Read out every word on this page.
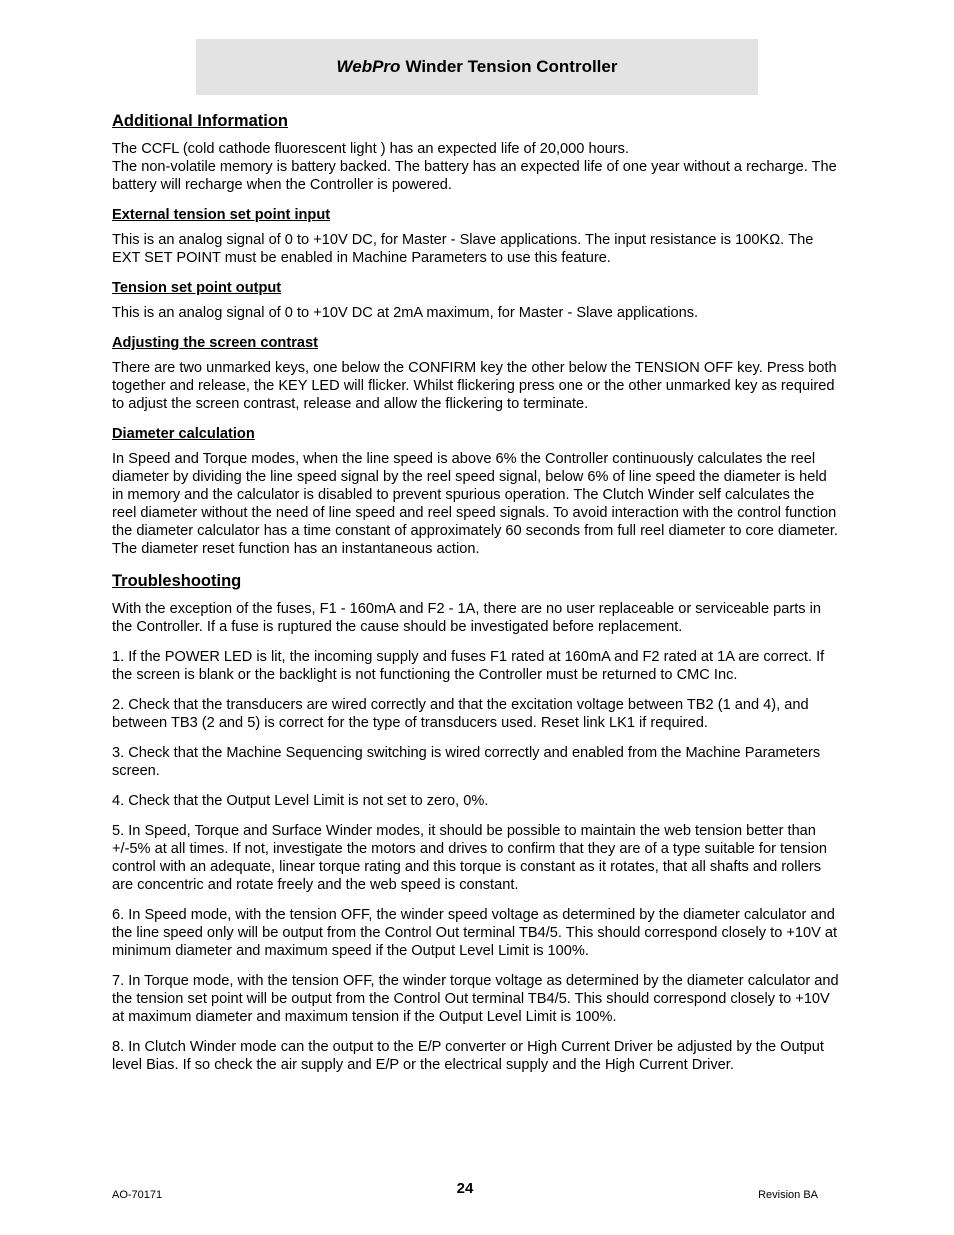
WebPro Winder Tension Controller
Additional Information

The CCFL (cold cathode fluorescent light ) has an expected life of 20,000 hours.
The non-volatile memory is battery backed. The battery has an expected life of one year without a recharge. The battery will recharge when the Controller is powered.

External tension set point input

This is an analog signal of 0 to +10V DC, for Master - Slave applications. The input resistance is 100KΩ. The EXT SET POINT must be enabled in Machine Parameters to use this feature.

Tension set point output

This is an analog signal of 0 to +10V DC at 2mA maximum, for Master - Slave applications.

Adjusting the screen contrast

There are two unmarked keys, one below the CONFIRM key the other below the TENSION OFF key. Press both together and release, the KEY LED will flicker. Whilst flickering press one or the other unmarked key as required to adjust the screen contrast, release and allow the flickering to terminate.

Diameter calculation

In Speed and Torque modes, when the line speed is above 6% the Controller continuously calculates the reel diameter by dividing the line speed signal by the reel speed signal, below 6% of line speed the diameter is held in memory and the calculator is disabled to prevent spurious operation. The Clutch Winder self calculates the reel diameter without the need of line speed and reel speed signals. To avoid interaction with the control function the diameter calculator has a time constant of approximately 60 seconds from full reel diameter to core diameter. The diameter reset function has an instantaneous action.

Troubleshooting

With the exception of the fuses, F1 - 160mA and F2 - 1A, there are no user replaceable or serviceable parts in the Controller. If a fuse is ruptured the cause should be investigated before replacement.

1. If the POWER LED is lit, the incoming supply and fuses F1 rated at 160mA and F2 rated at 1A are correct. If the screen is blank or the backlight is not functioning the Controller must be returned to CMC Inc.

2. Check that the transducers are wired correctly and that the excitation voltage between TB2 (1 and 4), and between TB3 (2 and 5) is correct for the type of transducers used. Reset link LK1 if required.

3. Check that the Machine Sequencing switching is wired correctly and enabled from the Machine Parameters screen.

4. Check that the Output Level Limit is not set to zero, 0%.

5. In Speed, Torque and Surface Winder modes, it should be possible to maintain the web tension better than +/-5% at all times. If not, investigate the motors and drives to confirm that they are of a type suitable for tension control with an adequate, linear torque rating and this torque is constant as it rotates, that all shafts and rollers are concentric and rotate freely and the web speed is constant.

6. In Speed mode, with the tension OFF, the winder speed voltage as determined by the diameter calculator and the line speed only will be output from the Control Out terminal TB4/5. This should correspond closely to +10V at minimum diameter and maximum speed if the Output Level Limit is 100%.

7. In Torque mode, with the tension OFF, the winder torque voltage as determined by the diameter calculator and the tension set point will be output from the Control Out terminal TB4/5. This should correspond closely to +10V at maximum diameter and maximum tension if the Output Level Limit is 100%.

8. In Clutch Winder mode can the output to the E/P converter or High Current Driver be adjusted by the Output level Bias. If so check the air supply and E/P or the electrical supply and the High Current Driver.

AO-70171	24	Revision BA
